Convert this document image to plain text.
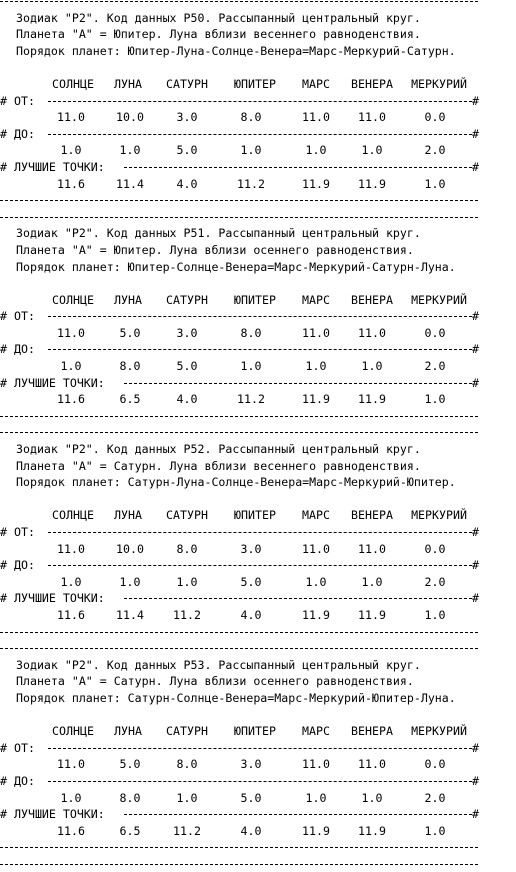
Зодиак "Р2". Код данных Р50. Рассыпанный центральный круг.
Планета "А" = Юпитер. Луна вблизи весеннего равноденствия.
Порядок планет: Юпитер-Луна-Солнце-Венера=Марс-Меркурий-Сатурн.
СОЛНЦЕ	ЛУНА	САТУРН	ЮПИТЕР	МАРС	ВЕНЕРА	МЕРКУРИЙ
# ОТ:	#
11.0	10.0	3.0	8.0	11.0	11.0	0.0
# ДО:	#
1.0	1.0	5.0	1.0	1.0	1.0	2.0
# ЛУЧШИЕ ТОЧКИ:	#
11.6	11.4	4.0	11.2	11.9	11.9	1.0
Зодиак "Р2". Код данных Р51. Рассыпанный центральный круг.
Планета "А" = Юпитер. Луна вблизи осеннего равноденствия.
Порядок планет: Юпитер-Солнце-Венера=Марс-Меркурий-Сатурн-Луна.
СОЛНЦЕ	ЛУНА	САТУРН	ЮПИТЕР	МАРС	ВЕНЕРА	МЕРКУРИЙ
# ОТ:	#
11.0	5.0	3.0	8.0	11.0	11.0	0.0
# ДО:	#
1.0	8.0	5.0	1.0	1.0	1.0	2.0
# ЛУЧШИЕ ТОЧКИ:	#
11.6	6.5	4.0	11.2	11.9	11.9	1.0
Зодиак "Р2". Код данных Р52. Рассыпанный центральный круг.
Планета "А" = Сатурн. Луна вблизи весеннего равноденствия.
Порядок планет: Сатурн-Луна-Солнце-Венера=Марс-Меркурий-Юпитер.
СОЛНЦЕ	ЛУНА	САТУРН	ЮПИТЕР	МАРС	ВЕНЕРА	МЕРКУРИЙ
# ОТ:	#
11.0	10.0	8.0	3.0	11.0	11.0	0.0
# ДО:	#
1.0	1.0	1.0	5.0	1.0	1.0	2.0
# ЛУЧШИЕ ТОЧКИ:	#
11.6	11.4	11.2	4.0	11.9	11.9	1.0
Зодиак "Р2". Код данных Р53. Рассыпанный центральный круг.
Планета "А" = Сатурн. Луна вблизи осеннего равноденствия.
Порядок планет: Сатурн-Солнце-Венера=Марс-Меркурий-Юпитер-Луна.
СОЛНЦЕ	ЛУНА	САТУРН	ЮПИТЕР	МАРС	ВЕНЕРА	МЕРКУРИЙ
# ОТ:	#
11.0	5.0	8.0	3.0	11.0	11.0	0.0
# ДО:	#
1.0	8.0	1.0	5.0	1.0	1.0	2.0
# ЛУЧШИЕ ТОЧКИ:	#
11.6	6.5	11.2	4.0	11.9	11.9	1.0
